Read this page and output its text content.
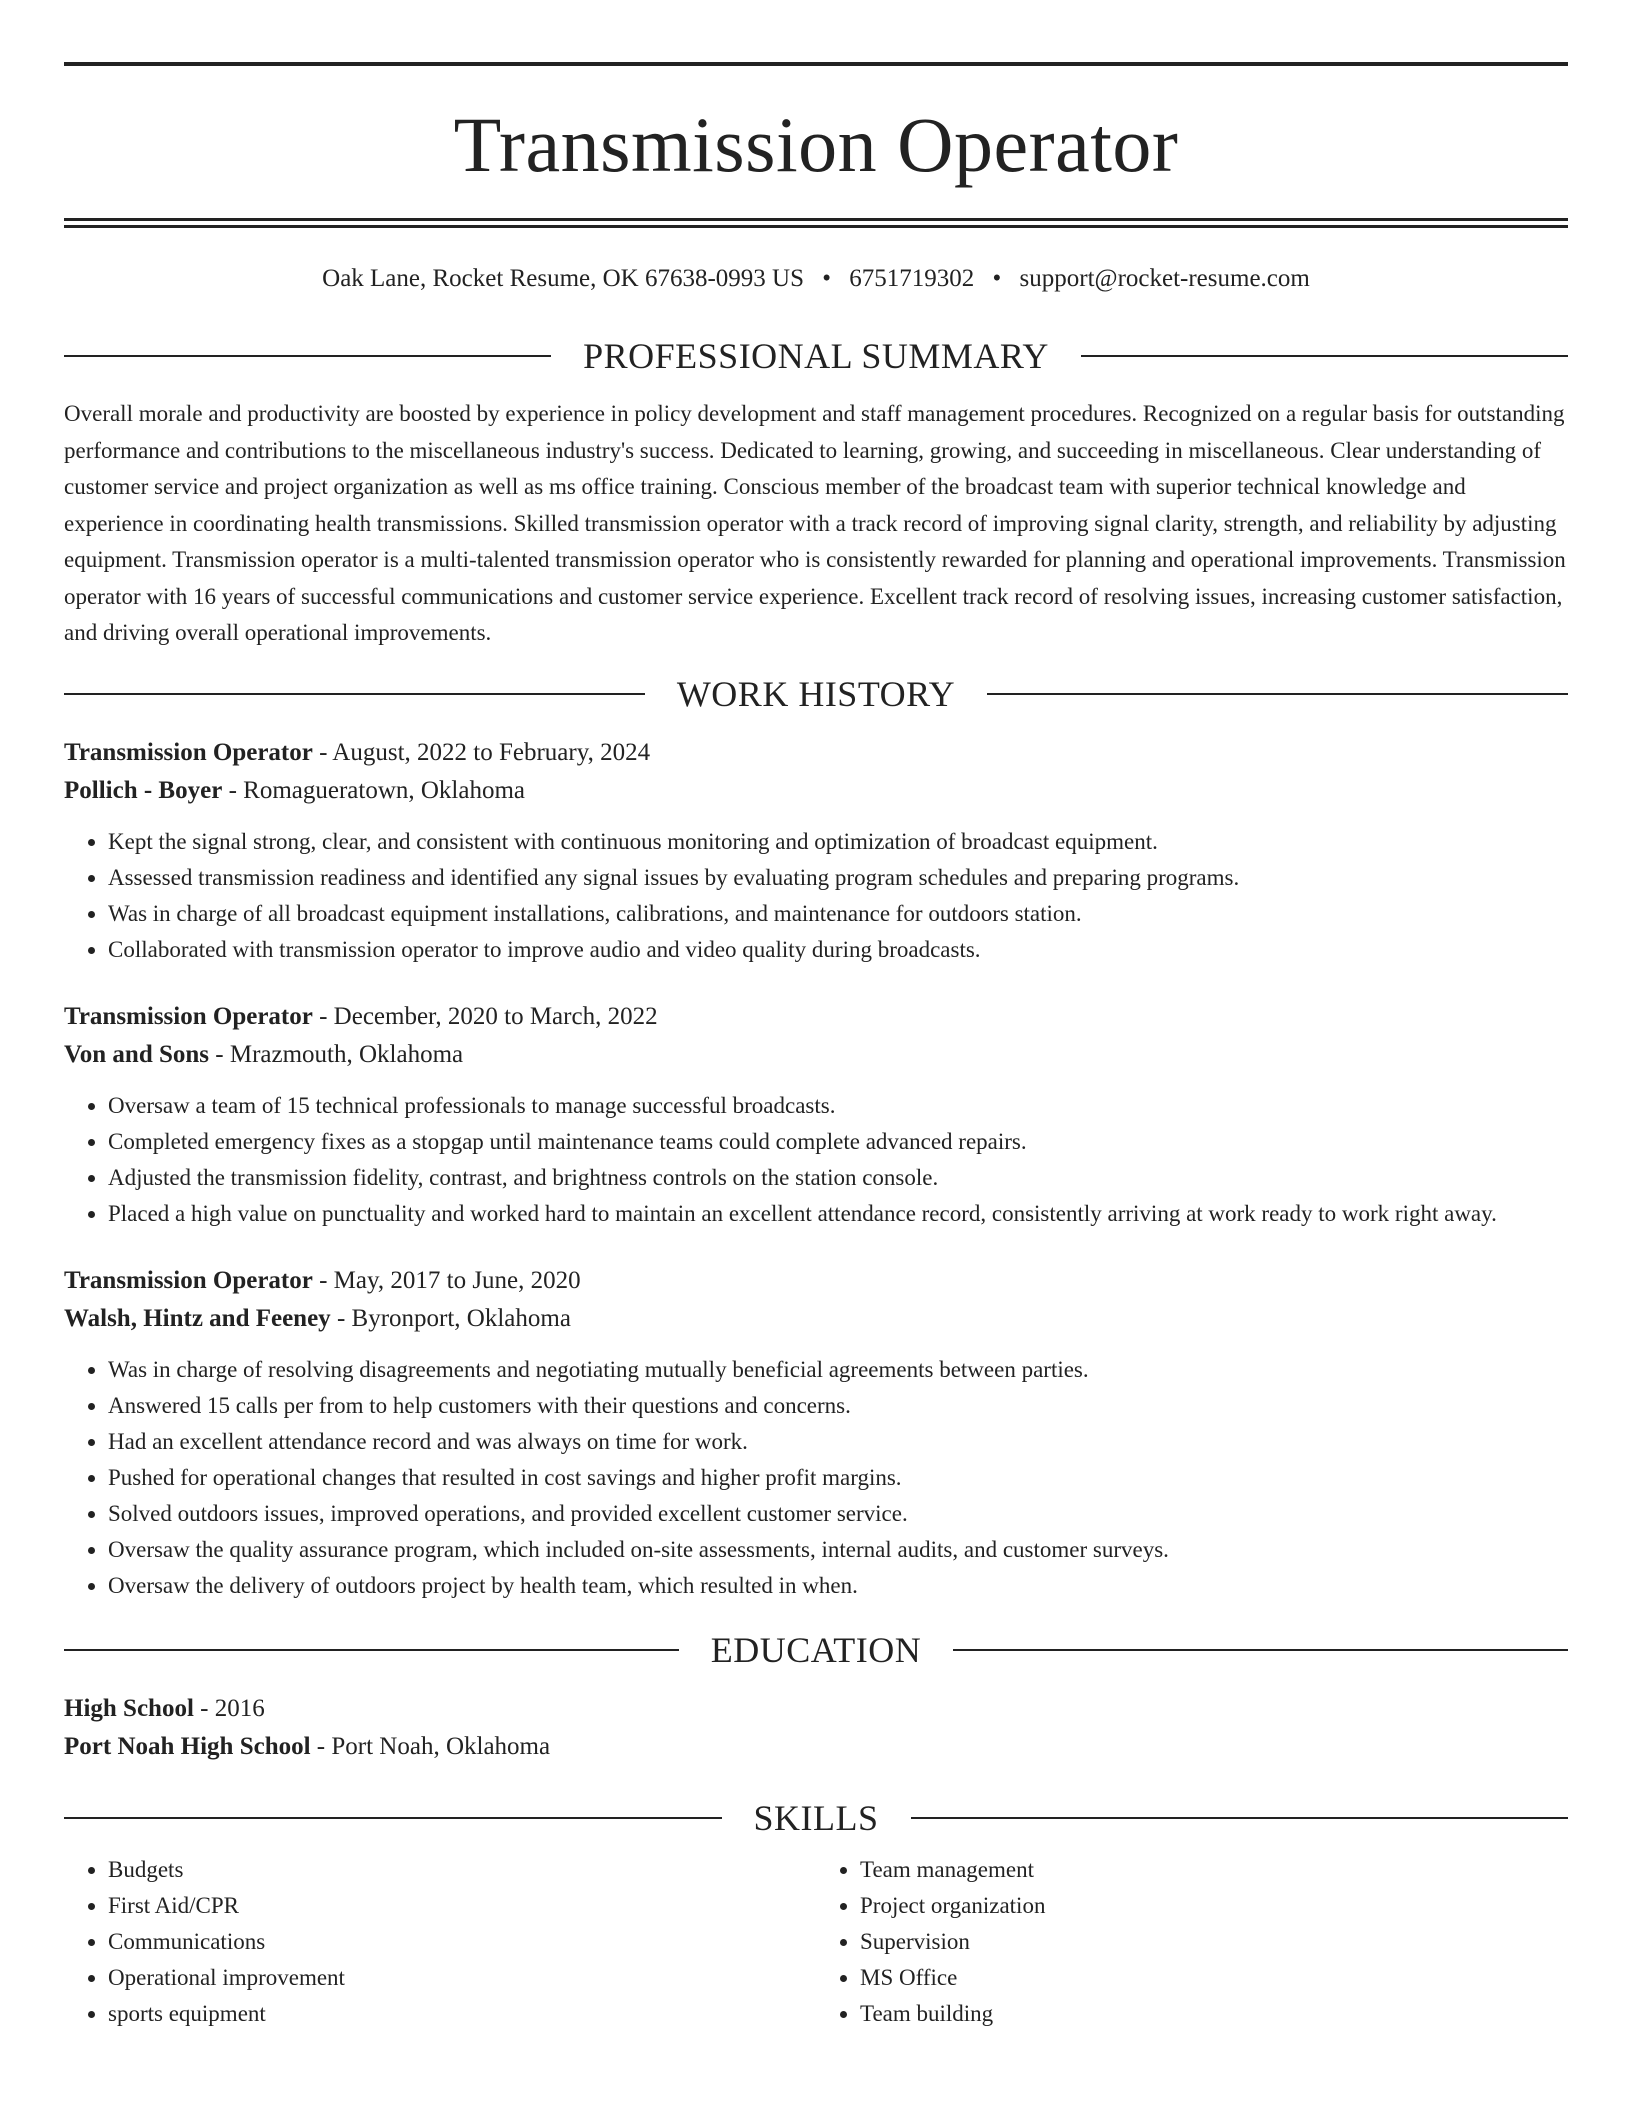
Transmission Operator
Oak Lane, Rocket Resume, OK 67638-0993 US • 6751719302 • support@rocket-resume.com
PROFESSIONAL SUMMARY

Overall morale and productivity are boosted by experience in policy development and staff management procedures. Recognized on a regular basis for outstanding performance and contributions to the miscellaneous industry's success. Dedicated to learning, growing, and succeeding in miscellaneous. Clear understanding of customer service and project organization as well as ms office training. Conscious member of the broadcast team with superior technical knowledge and experience in coordinating health transmissions. Skilled transmission operator with a track record of improving signal clarity, strength, and reliability by adjusting equipment. Transmission operator is a multi-talented transmission operator who is consistently rewarded for planning and operational improvements. Transmission operator with 16 years of successful communications and customer service experience. Excellent track record of resolving issues, increasing customer satisfaction, and driving overall operational improvements.

WORK HISTORY
Transmission Operator - August, 2022 to February, 2024
Pollich - Boyer - Romagueratown, Oklahoma
• Kept the signal strong, clear, and consistent with continuous monitoring and optimization of broadcast equipment.
• Assessed transmission readiness and identified any signal issues by evaluating program schedules and preparing programs.
• Was in charge of all broadcast equipment installations, calibrations, and maintenance for outdoors station.
• Collaborated with transmission operator to improve audio and video quality during broadcasts.
Transmission Operator - December, 2020 to March, 2022
Von and Sons - Mrazmouth, Oklahoma
• Oversaw a team of 15 technical professionals to manage successful broadcasts.
• Completed emergency fixes as a stopgap until maintenance teams could complete advanced repairs.
• Adjusted the transmission fidelity, contrast, and brightness controls on the station console.
• Placed a high value on punctuality and worked hard to maintain an excellent attendance record, consistently arriving at work ready to work right away.
Transmission Operator - May, 2017 to June, 2020
Walsh, Hintz and Feeney - Byronport, Oklahoma
• Was in charge of resolving disagreements and negotiating mutually beneficial agreements between parties.
• Answered 15 calls per from to help customers with their questions and concerns.
• Had an excellent attendance record and was always on time for work.
• Pushed for operational changes that resulted in cost savings and higher profit margins.
• Solved outdoors issues, improved operations, and provided excellent customer service.
• Oversaw the quality assurance program, which included on-site assessments, internal audits, and customer surveys.
• Oversaw the delivery of outdoors project by health team, which resulted in when.
EDUCATION
High School - 2016
Port Noah High School - Port Noah, Oklahoma
SKILLS
• Budgets
• First Aid/CPR
• Communications
• Operational improvement
• sports equipment
• Team management
• Project organization
• Supervision
• MS Office
• Team building
